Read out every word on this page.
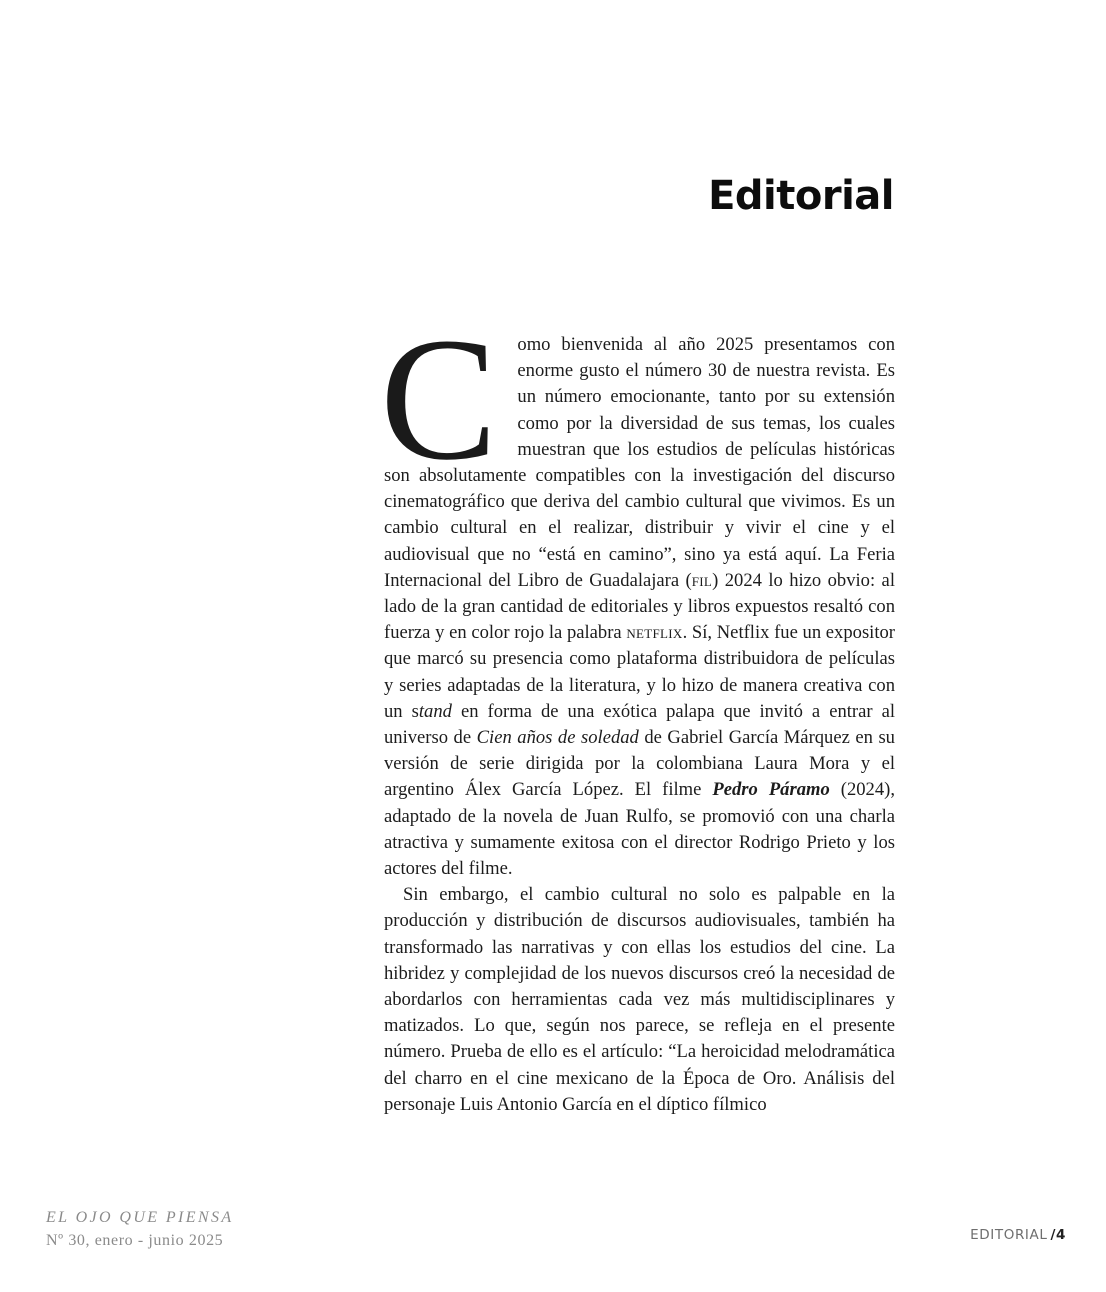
Editorial

C omo bienvenida al año 2025 presentamos con enorme gusto el número 30 de nuestra revista. Es un número emocionante, tanto por su extensión como por la diversidad de sus temas, los cuales muestran que los estudios de películas históricas son absolutamente compatibles con la investigación del discurso cinematográfico que deriva del cambio cultural que vivimos. Es un cambio cultural en el realizar, distribuir y vivir el cine y el audiovisual que no “está en camino”, sino ya está aquí. La Feria Internacional del Libro de Guadalajara (fil) 2024 lo hizo obvio: al lado de la gran cantidad de editoriales y libros expuestos resaltó con fuerza y en color rojo la palabra netflix. Sí, Netflix fue un expositor que marcó su presencia como plataforma distribuidora de películas y series adaptadas de la literatura, y lo hizo de manera creativa con un stand en forma de una exótica palapa que invitó a entrar al universo de Cien años de soledad de Gabriel García Márquez en su versión de serie dirigida por la colombiana Laura Mora y el argentino Álex García López. El filme Pedro Páramo (2024), adaptado de la novela de Juan Rulfo, se promovió con una charla atractiva y sumamente exitosa con el director Rodrigo Prieto y los actores del filme.

Sin embargo, el cambio cultural no solo es palpable en la producción y distribución de discursos audiovisuales, también ha transformado las narrativas y con ellas los estudios del cine. La hibridez y complejidad de los nuevos discursos creó la necesidad de abordarlos con herramientas cada vez más multidisciplinares y matizados. Lo que, según nos parece, se refleja en el presente número. Prueba de ello es el artículo: “La heroicidad melodramática del charro en el cine mexicano de la Época de Oro. Análisis del personaje Luis Antonio García en el díptico fílmico

EL OJO QUE PIENSA
Nº 30, enero - junio 2025	EDITORIAL /4
